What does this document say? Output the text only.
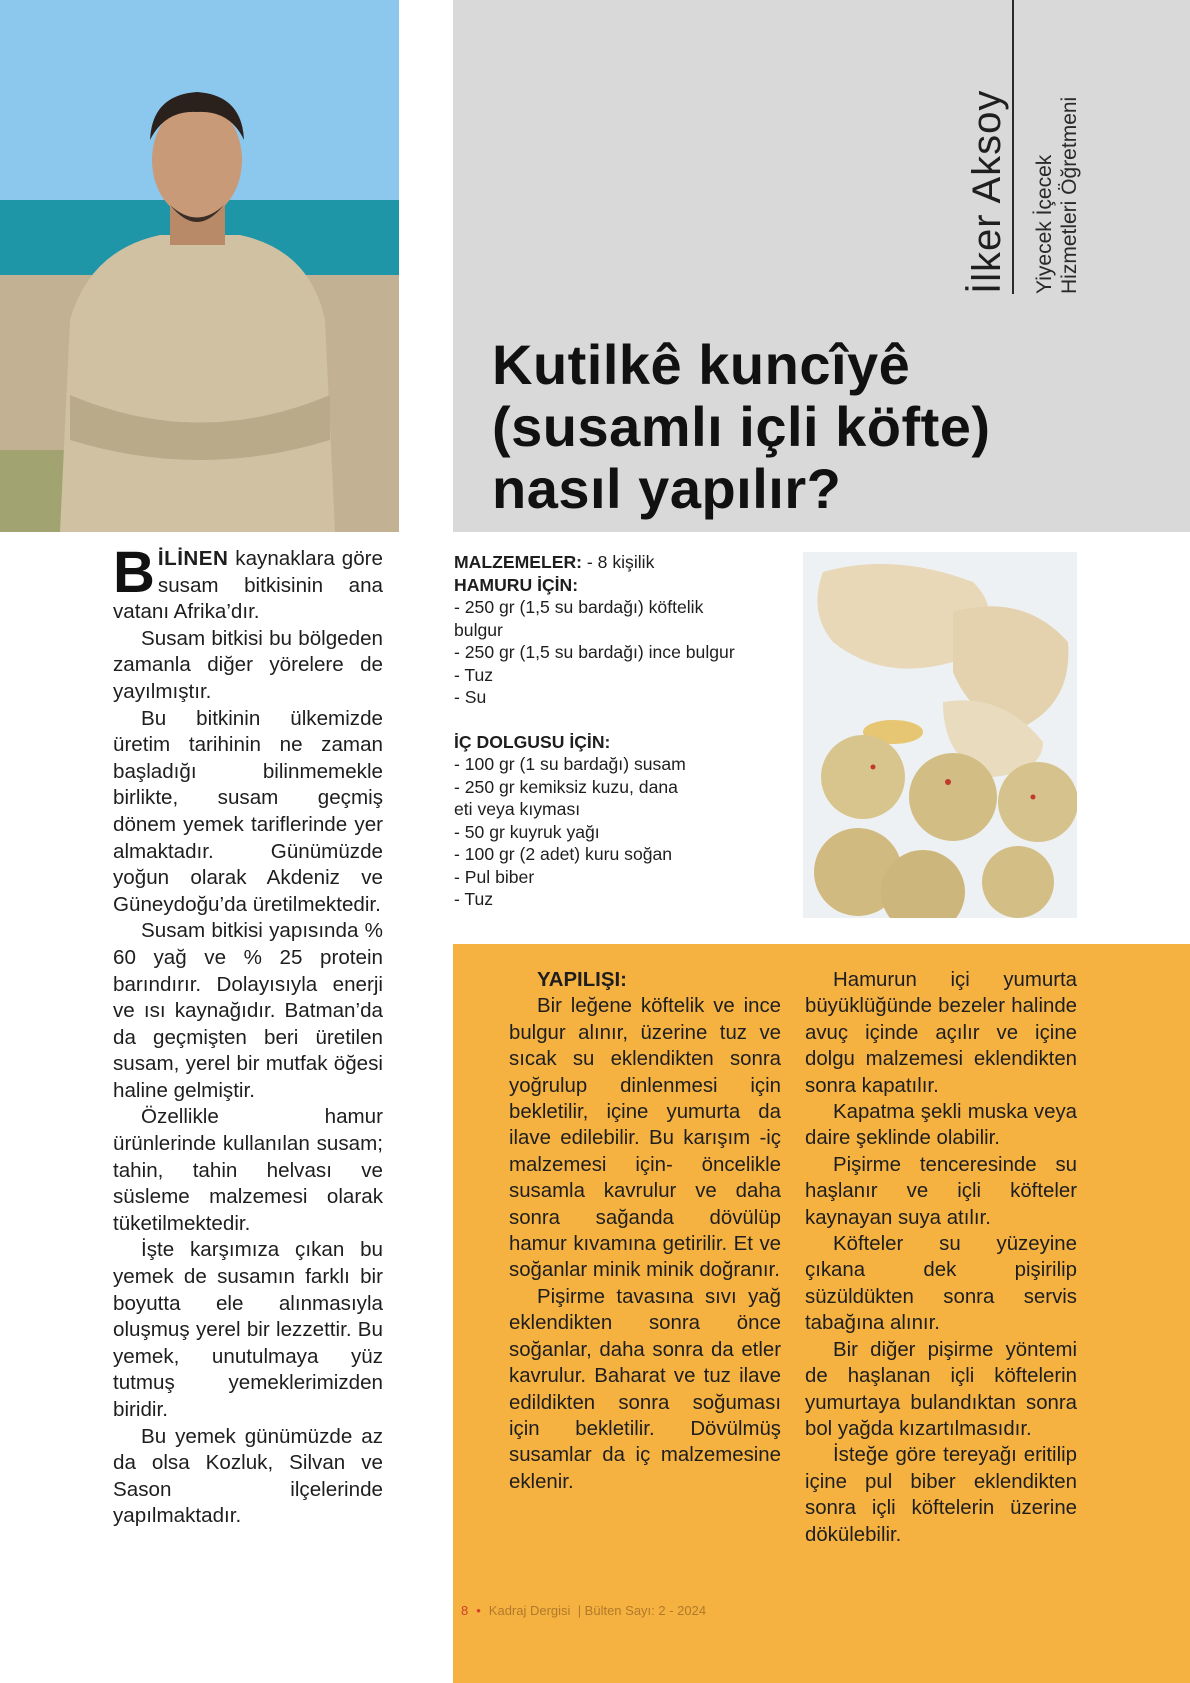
İlker Aksoy Yiyecek İçecek Hizmetleri Öğretmeni
Kutilkê kuncîyê
(susamlı içli köfte)
nasıl yapılır?

BİLİNEN kaynaklara göre susam bitkisinin ana vatanı Afrika’dır.

Susam bitkisi bu bölgeden zamanla diğer yörelere de yayılmıştır.

Bu bitkinin ülkemizde üretim tarihinin ne zaman başladığı bilinmemekle birlikte, susam geçmiş dönem yemek tariflerinde yer almaktadır. Günümüzde yoğun olarak Akdeniz ve Güneydoğu’da üretilmektedir.

Susam bitkisi yapısında % 60 yağ ve % 25 protein barındırır. Dolayısıyla enerji ve ısı kaynağıdır. Batman’da da geçmişten beri üretilen susam, yerel bir mutfak öğesi haline gelmiştir.

Özellikle hamur ürünlerinde kullanılan susam; tahin, tahin helvası ve süsleme malzemesi olarak tüketilmektedir.

İşte karşımıza çıkan bu yemek de susamın farklı bir boyutta ele alınmasıyla oluşmuş yerel bir lezzettir. Bu yemek, unutulmaya yüz tutmuş yemeklerimizden biridir.

Bu yemek günümüzde az da olsa Kozluk, Silvan ve Sason ilçelerinde yapılmaktadır.

MALZEMELER: - 8 kişilik
HAMURU İÇİN:
- 250 gr (1,5 su bardağı) köftelik
bulgur
- 250 gr (1,5 su bardağı) ince bulgur
- Tuz
- Su
İÇ DOLGUSU İÇİN:
- 100 gr (1 su bardağı) susam
- 250 gr kemiksiz kuzu, dana
eti veya kıyması
- 50 gr kuyruk yağı
- 100 gr (2 adet) kuru soğan
- Pul biber
- Tuz

YAPILIŞI:

Bir leğene köftelik ve ince bulgur alınır, üzerine tuz ve sıcak su eklendikten sonra yoğrulup dinlenmesi için bekletilir, içine yumurta da ilave edilebilir. Bu karışım -iç malzemesi için- öncelikle susamla kavrulur ve daha sonra sağanda dövülüp hamur kıvamına getirilir. Et ve soğanlar minik minik doğranır.

Pişirme tavasına sıvı yağ eklendikten sonra önce soğanlar, daha sonra da etler kavrulur. Baharat ve tuz ilave edildikten sonra soğuması için bekletilir. Dövülmüş susamlar da iç malzemesine eklenir.

Hamurun içi yumurta büyüklüğünde bezeler halinde avuç içinde açılır ve içine dolgu malzemesi eklendikten sonra kapatılır.

Kapatma şekli muska veya daire şeklinde olabilir.

Pişirme tenceresinde su haşlanır ve içli köfteler kaynayan suya atılır.

Köfteler su yüzeyine çıkana dek pişirilip süzüldükten sonra servis tabağına alınır.

Bir diğer pişirme yöntemi de haşlanan içli köftelerin yumurtaya bulandıktan sonra bol yağda kızartılmasıdır.

İsteğe göre tereyağı eritilip içine pul biber eklendikten sonra içli köftelerin üzerine dökülebilir.

8 • Kadraj Dergisi | Bülten Sayı: 2 - 2024
